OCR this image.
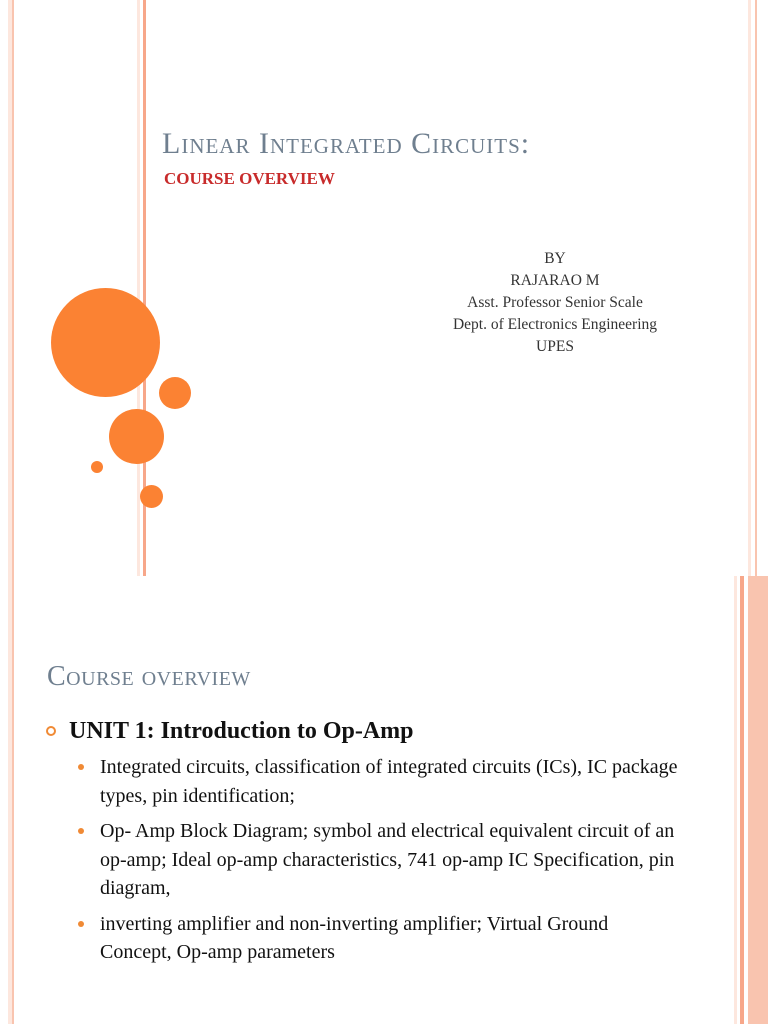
Linear Integrated Circuits:
COURSE OVERVIEW
BY
RAJARAO M
Asst. Professor Senior Scale
Dept. of Electronics Engineering
UPES
Course overview
UNIT 1: Introduction to Op-Amp
Integrated circuits, classification of integrated circuits (ICs), IC package types, pin identification;
Op- Amp Block Diagram; symbol and electrical equivalent circuit of an op-amp; Ideal op-amp characteristics, 741 op-amp IC Specification, pin diagram,
inverting amplifier and non-inverting amplifier; Virtual Ground Concept, Op-amp parameters
